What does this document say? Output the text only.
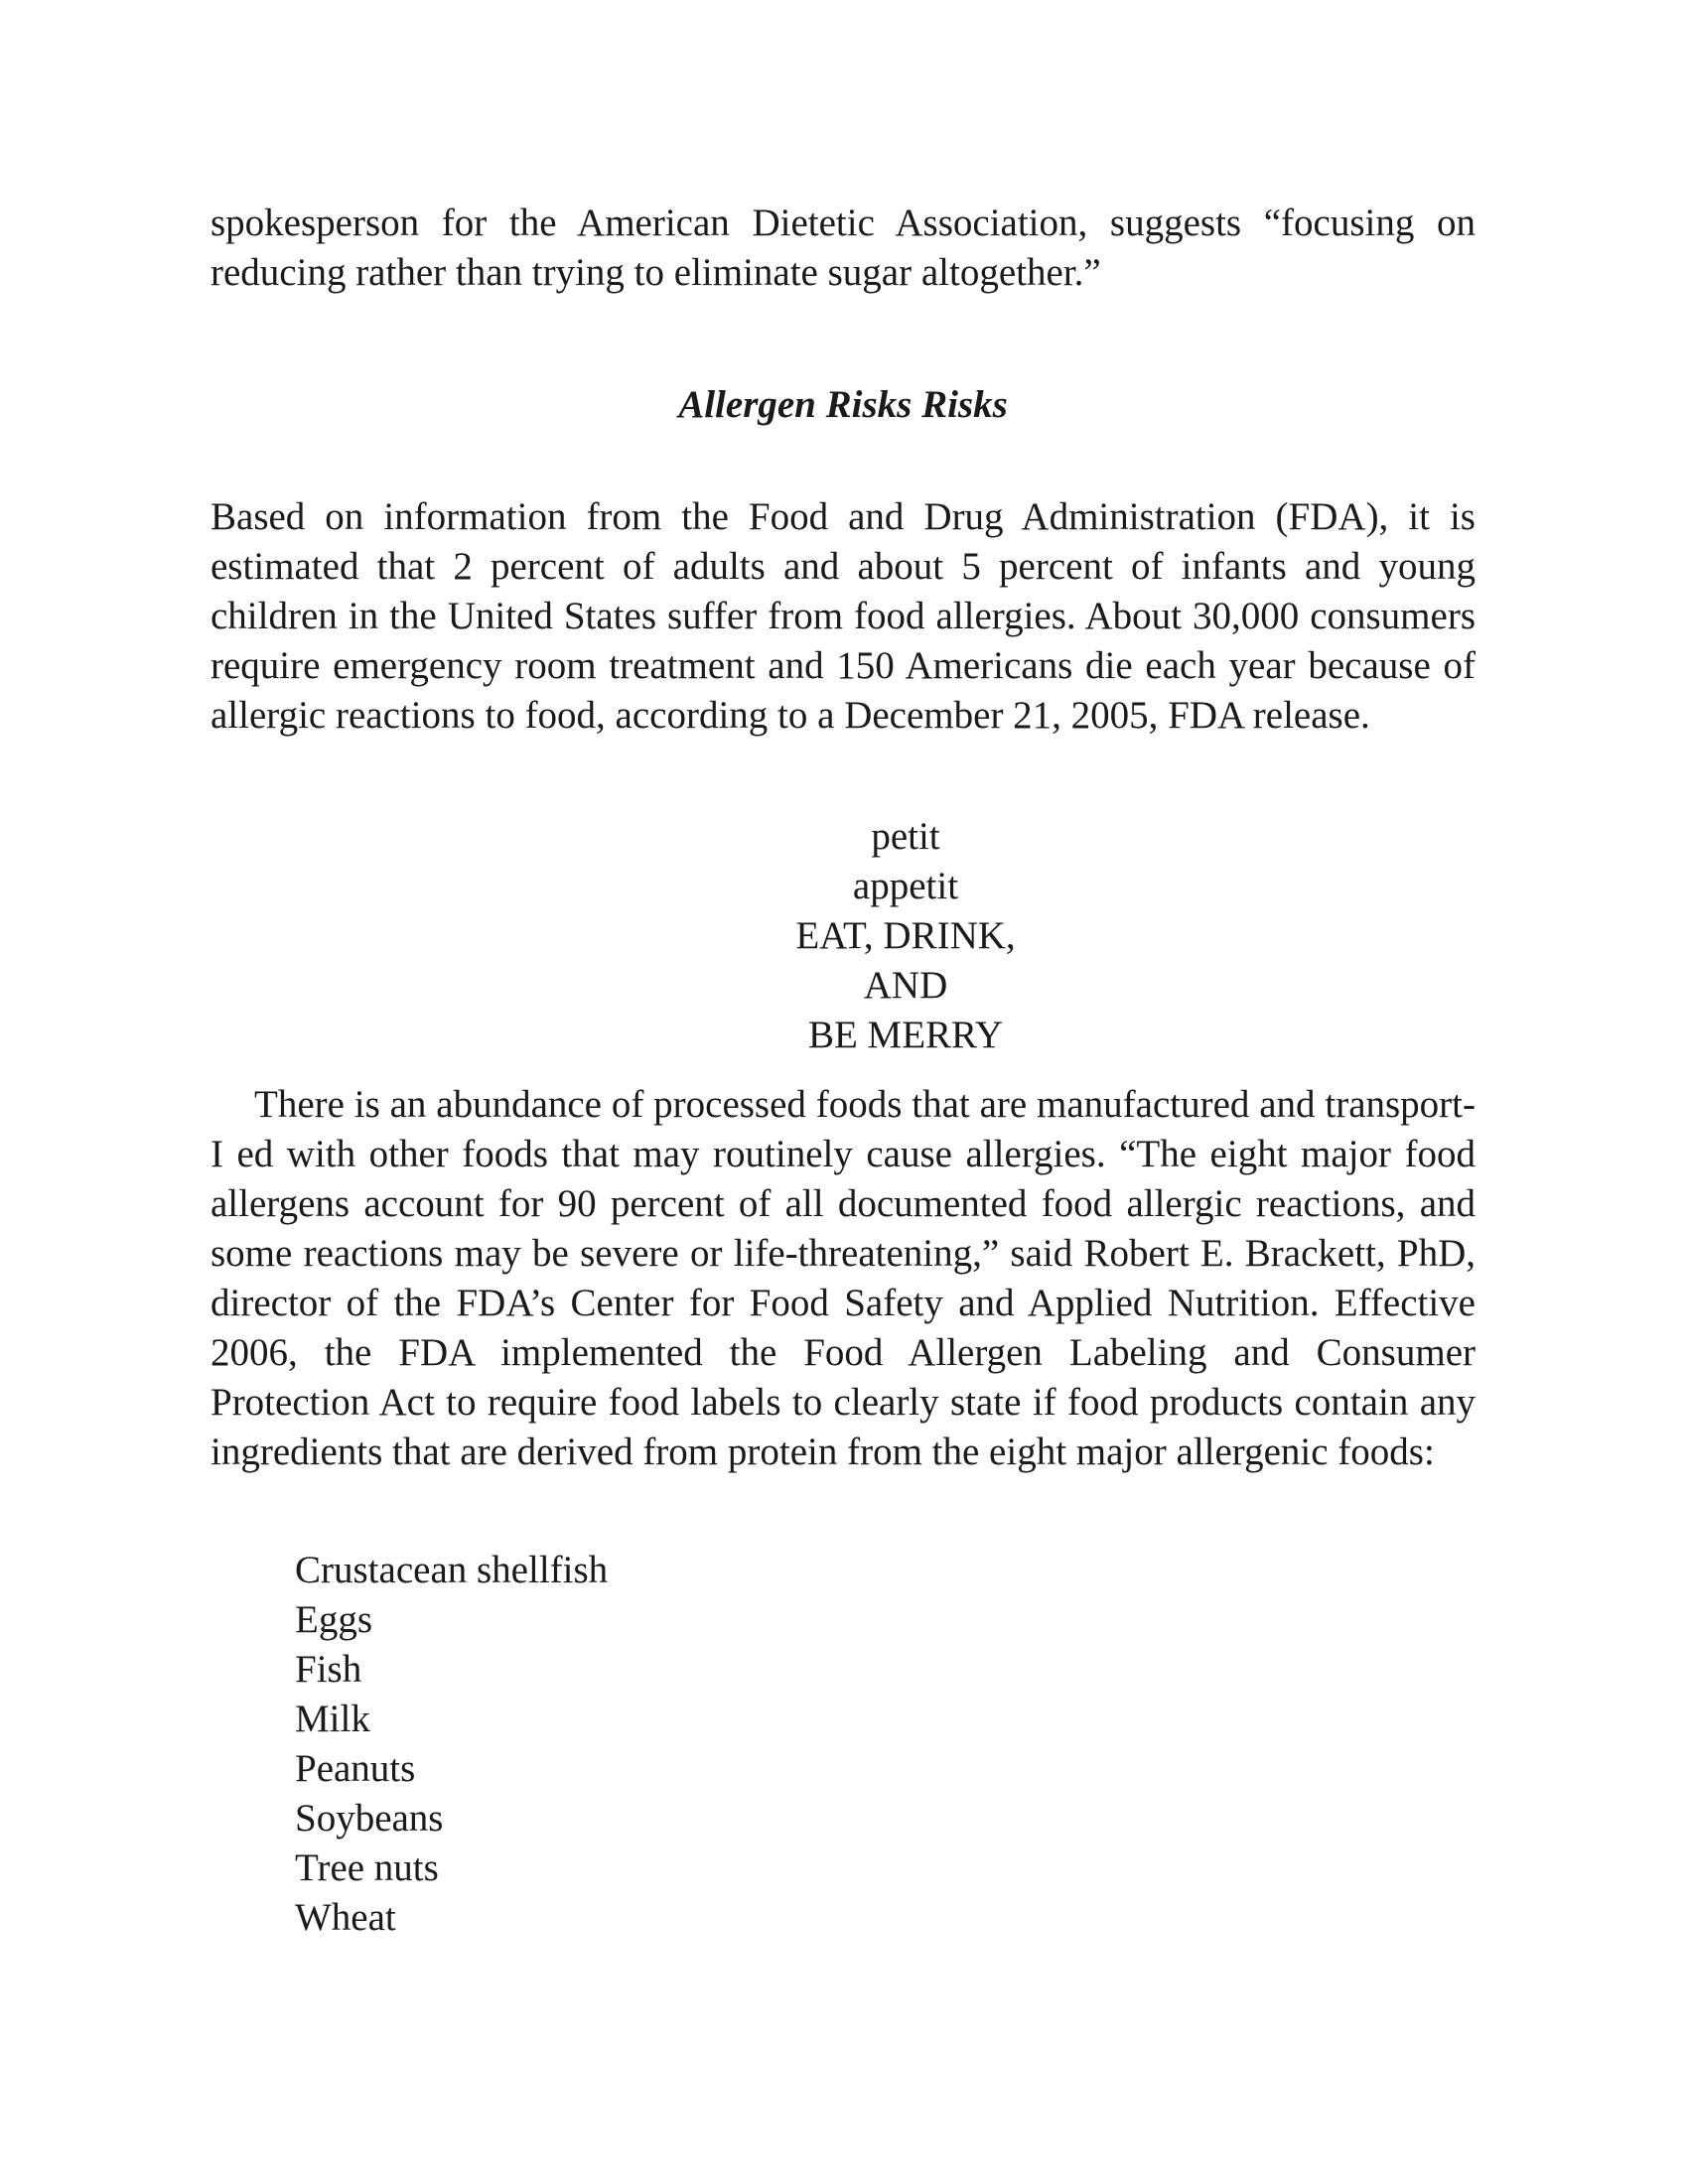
spokesperson for the American Dietetic Association, suggests “focusing on reducing rather than trying to eliminate sugar altogether.”

Allergen Risks Risks

Based on information from the Food and Drug Administration (FDA), it is estimated that 2 percent of adults and about 5 percent of infants and young children in the United States suffer from food allergies. About 30,000 consumers require emergency room treatment and 150 Americans die each year because of allergic reactions to food, according to a December 21, 2005, FDA release.

petit
appetit
EAT, DRINK,
AND
BE MERRY

There is an abundance of processed foods that are manufactured and transport-I ed with other foods that may routinely cause allergies. “The eight major food allergens account for 90 percent of all documented food allergic reactions, and some reactions may be severe or life-threatening,” said Robert E. Brackett, PhD, director of the FDA’s Center for Food Safety and Applied Nutrition. Effective 2006, the FDA implemented the Food Allergen Labeling and Consumer Protection Act to require food labels to clearly state if food products contain any ingredients that are derived from protein from the eight major allergenic foods:

Crustacean shellfish
Eggs
Fish
Milk
Peanuts
Soybeans
Tree nuts
Wheat
